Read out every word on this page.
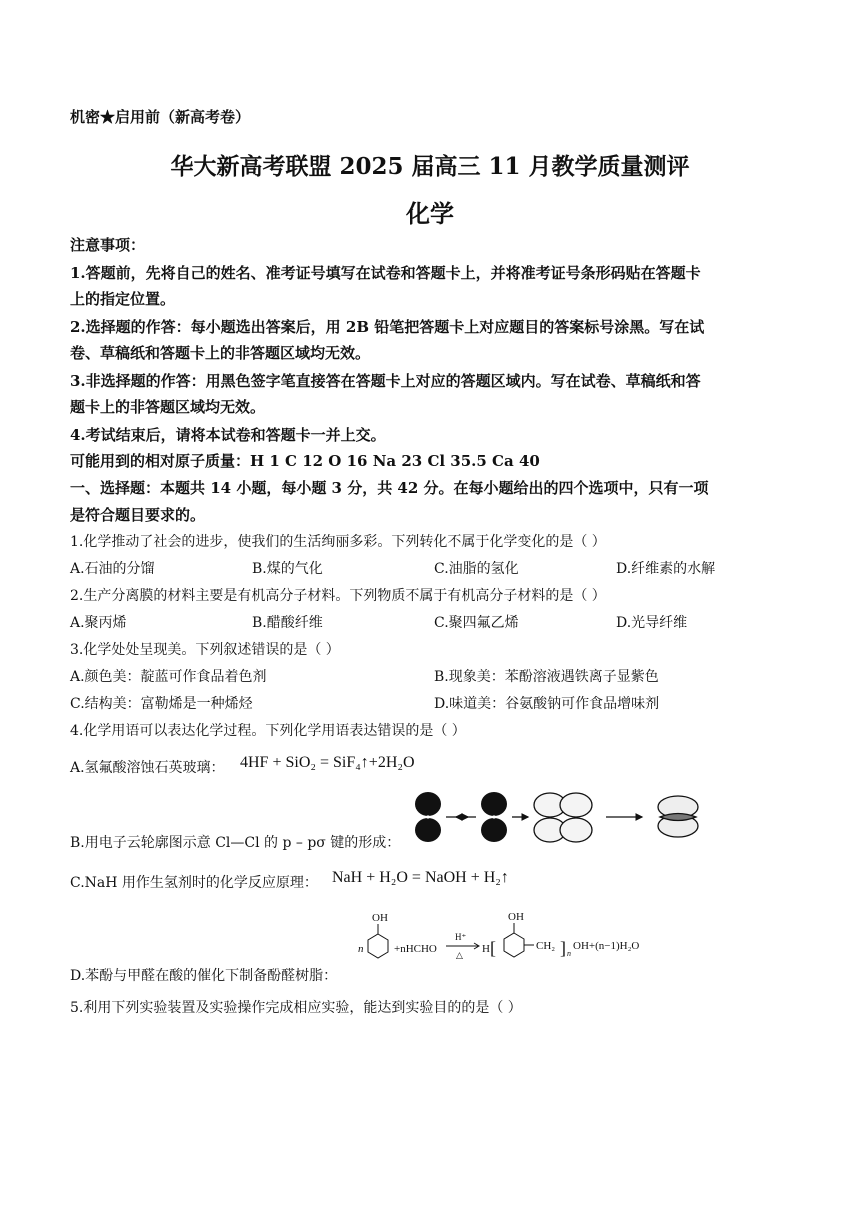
机密★启用前（新高考卷）
华大新高考联盟 2025 届高三 11 月教学质量测评
化学
注意事项：
1.答题前，先将自己的姓名、准考证号填写在试卷和答题卡上，并将准考证号条形码贴在答题卡
上的指定位置。
2.选择题的作答：每小题选出答案后，用 2B 铅笔把答题卡上对应题目的答案标号涂黑。写在试
卷、草稿纸和答题卡上的非答题区域均无效。
3.非选择题的作答：用黑色签字笔直接答在答题卡上对应的答题区域内。写在试卷、草稿纸和答
题卡上的非答题区域均无效。
4.考试结束后，请将本试卷和答题卡一并上交。
可能用到的相对原子质量：H 1 C 12 O 16 Na 23 Cl 35.5 Ca 40
一、选择题：本题共 14 小题，每小题 3 分，共 42 分。在每小题给出的四个选项中，只有一项
是符合题目要求的。
1.化学推动了社会的进步，使我们的生活绚丽多彩。下列转化不属于化学变化的是（ ）
A.石油的分馏	B.煤的气化	C.油脂的氢化	D.纤维素的水解
2.生产分离膜的材料主要是有机高分子材料。下列物质不属于有机高分子材料的是（ ）
A.聚丙烯	B.醋酸纤维	C.聚四氟乙烯	D.光导纤维
3.化学处处呈现美。下列叙述错误的是（ ）
A.颜色美：靛蓝可作食品着色剂	B.现象美：苯酚溶液遇铁离子显紫色
C.结构美：富勒烯是一种烯烃	D.味道美：谷氨酸钠可作食品增味剂
4.化学用语可以表达化学过程。下列化学用语表达错误的是（ ）
A.氢氟酸溶蚀石英玻璃： 4HF + SiO₂ = SiF₄↑+2H₂O
B.用电子云轮廓图示意 Cl—Cl 的 p – pσ 键的形成：
C.NaH 用作生氢剂时的化学反应原理： NaH + H₂O = NaOH + H₂↑
D.苯酚与甲醛在酸的催化下制备酚醛树脂：
OH
n	+nHCHO
H⁺
△ H [
OH
CH₂ ] n
OH+(n−1)H₂O
5.利用下列实验装置及实验操作完成相应实验，能达到实验目的的是（ ）
